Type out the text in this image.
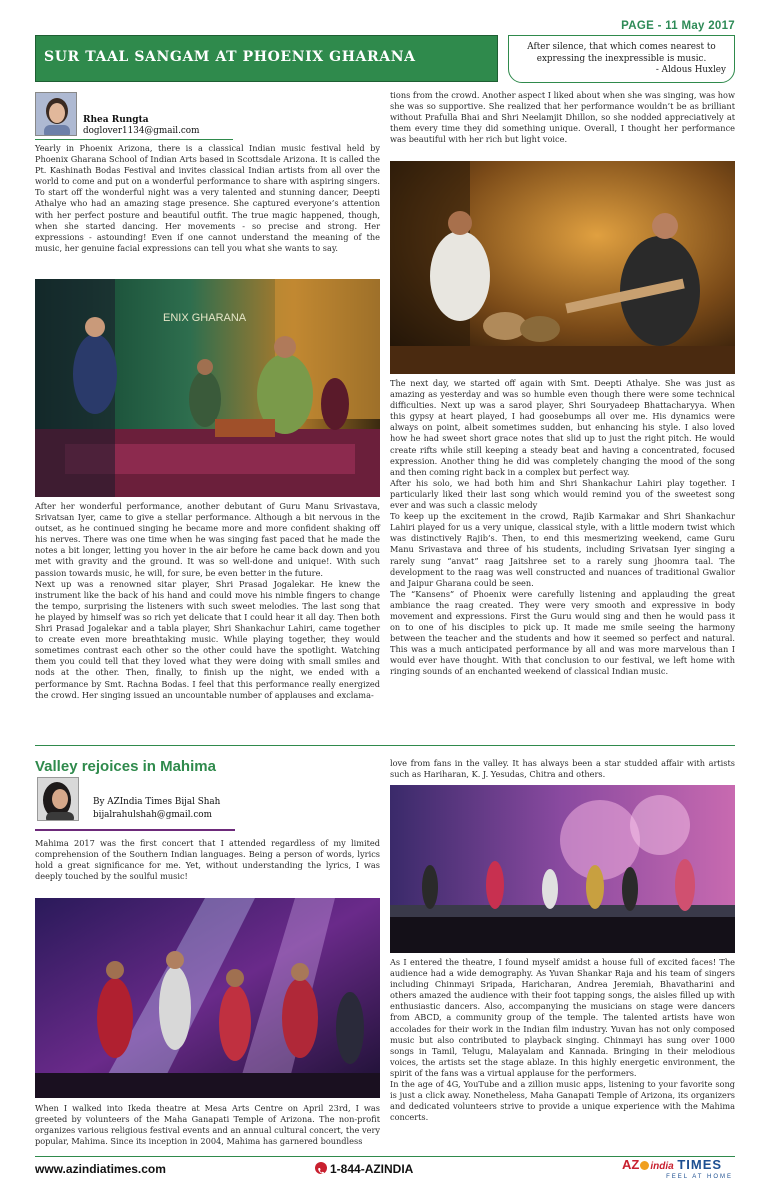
PAGE - 11 May 2017
SUR TAAL SANGAM AT PHOENIX GHARANA
After silence, that which comes nearest to
expressing the inexpressible is music.
- Aldous Huxley
Rhea Rungta
doglover1134@gmail.com

Yearly in Phoenix Arizona, there is a classical Indian music festival held by Phoenix Gharana School of Indian Arts based in Scottsdale Arizona. It is called the Pt. Kashinath Bodas Festival and invites classical Indian artists from all over the world to come and put on a wonderful performance to share with aspiring singers. To start off the wonderful night was a very talented and stunning dancer, Deepti Athalye who had an amazing stage presence. She captured everyone’s attention with her perfect posture and beautiful outfit. The true magic happened, though, when she started dancing. Her movements - so precise and strong. Her expressions - astounding! Even if one cannot understand the meaning of the music, her genuine facial expressions can tell you what she wants to say.

ENIX GHARANA

After her wonderful performance, another debutant of Guru Manu Srivastava, Srivatsan Iyer, came to give a stellar performance. Although a bit nervous in the outset, as he continued singing he became more and more confident shaking off his nerves. There was one time when he was singing fast paced that he made the notes a bit longer, letting you hover in the air before he came back down and you met with gravity and the ground. It was so well-done and unique!. With such passion towards music, he will, for sure, be even better in the future.

Next up was a renowned sitar player, Shri Prasad Jogalekar. He knew the instrument like the back of his hand and could move his nimble fingers to change the tempo, surprising the listeners with such sweet melodies. The last song that he played by himself was so rich yet delicate that I could hear it all day. Then both Shri Prasad Jogalekar and a tabla player, Shri Shankachur Lahiri, came together to create even more breathtaking music. While playing together, they would sometimes contrast each other so the other could have the spotlight. Watching them you could tell that they loved what they were doing with small smiles and nods at the other. Then, finally, to finish up the night, we ended with a performance by Smt. Rachna Bodas. I feel that this performance really energized the crowd. Her singing issued an uncountable number of applauses and exclama-

tions from the crowd. Another aspect I liked about when she was singing, was how she was so supportive. She realized that her performance wouldn’t be as brilliant without Prafulla Bhai and Shri Neelamjit Dhillon, so she nodded appreciatively at them every time they did something unique. Overall, I thought her performance was beautiful with her rich but light voice.

The next day, we started off again with Smt. Deepti Athalye. She was just as amazing as yesterday and was so humble even though there were some technical difficulties. Next up was a sarod player, Shri Souryadeep Bhattacharyya. When this gypsy at heart played, I had goosebumps all over me. His dynamics were always on point, albeit sometimes sudden, but enhancing his style. I also loved how he had sweet short grace notes that slid up to just the right pitch. He would create rifts while still keeping a steady beat and having a concentrated, focused expression. Another thing he did was completely changing the mood of the song and then coming right back in a complex but perfect way.

After his solo, we had both him and Shri Shankachur Lahiri play together. I particularly liked their last song which would remind you of the sweetest song ever and was such a classic melody

To keep up the excitement in the crowd, Rajib Karmakar and Shri Shankachur Lahiri played for us a very unique, classical style, with a little modern twist which was distinctively Rajib’s. Then, to end this mesmerizing weekend, came Guru Manu Srivastava and three of his students, including Srivatsan Iyer singing a rarely sung “anvat” raag Jaitshree set to a rarely sung jhoomra taal. The development to the raag was well constructed and nuances of traditional Gwalior and Jaipur Gharana could be seen.

The “Kansens” of Phoenix were carefully listening and applauding the great ambiance the raag created. They were very smooth and expressive in body movement and expressions. First the Guru would sing and then he would pass it on to one of his disciples to pick up. It made me smile seeing the harmony between the teacher and the students and how it seemed so perfect and natural. This was a much anticipated performance by all and was more marvelous than I would ever have thought. With that conclusion to our festival, we left home with ringing sounds of an enchanted weekend of classical Indian music.

Valley rejoices in Mahima
By AZIndia Times Bijal Shah
bijalrahulshah@gmail.com

Mahima 2017 was the first concert that I attended regardless of my limited comprehension of the Southern Indian languages. Being a person of words, lyrics hold a great significance for me. Yet, without understanding the lyrics, I was deeply touched by the soulful music!

When I walked into Ikeda theatre at Mesa Arts Centre on April 23rd, I was greeted by volunteers of the Maha Ganapati Temple of Arizona. The non-profit organizes various religious festival events and an annual cultural concert, the very popular, Mahima. Since its inception in 2004, Mahima has garnered boundless

love from fans in the valley. It has always been a star studded affair with artists such as Hariharan, K. J. Yesudas, Chitra and others.

As I entered the theatre, I found myself amidst a house full of excited faces! The audience had a wide demography. As Yuvan Shankar Raja and his team of singers including Chinmayi Sripada, Haricharan, Andrea Jeremiah, Bhavatharini and others amazed the audience with their foot tapping songs, the aisles filled up with enthusiastic dancers. Also, accompanying the musicians on stage were dancers from ABCD, a community group of the temple. The talented artists have won accolades for their work in the Indian film industry. Yuvan has not only composed music but also contributed to playback singing. Chinmayi has sung over 1000 songs in Tamil, Telugu, Malayalam and Kannada. Bringing in their melodious voices, the artists set the stage ablaze. In this highly energetic environment, the spirit of the fans was a virtual applause for the performers.

In the age of 4G, YouTube and a zillion music apps, listening to your favorite song is just a click away. Nonetheless, Maha Ganapati Temple of Arizona, its organizers and dedicated volunteers strive to provide a unique experience with the Mahima concerts.

www.azindiatimes.com	1-844-AZINDIA	AZ india TIMES
FEEL AT HOME
